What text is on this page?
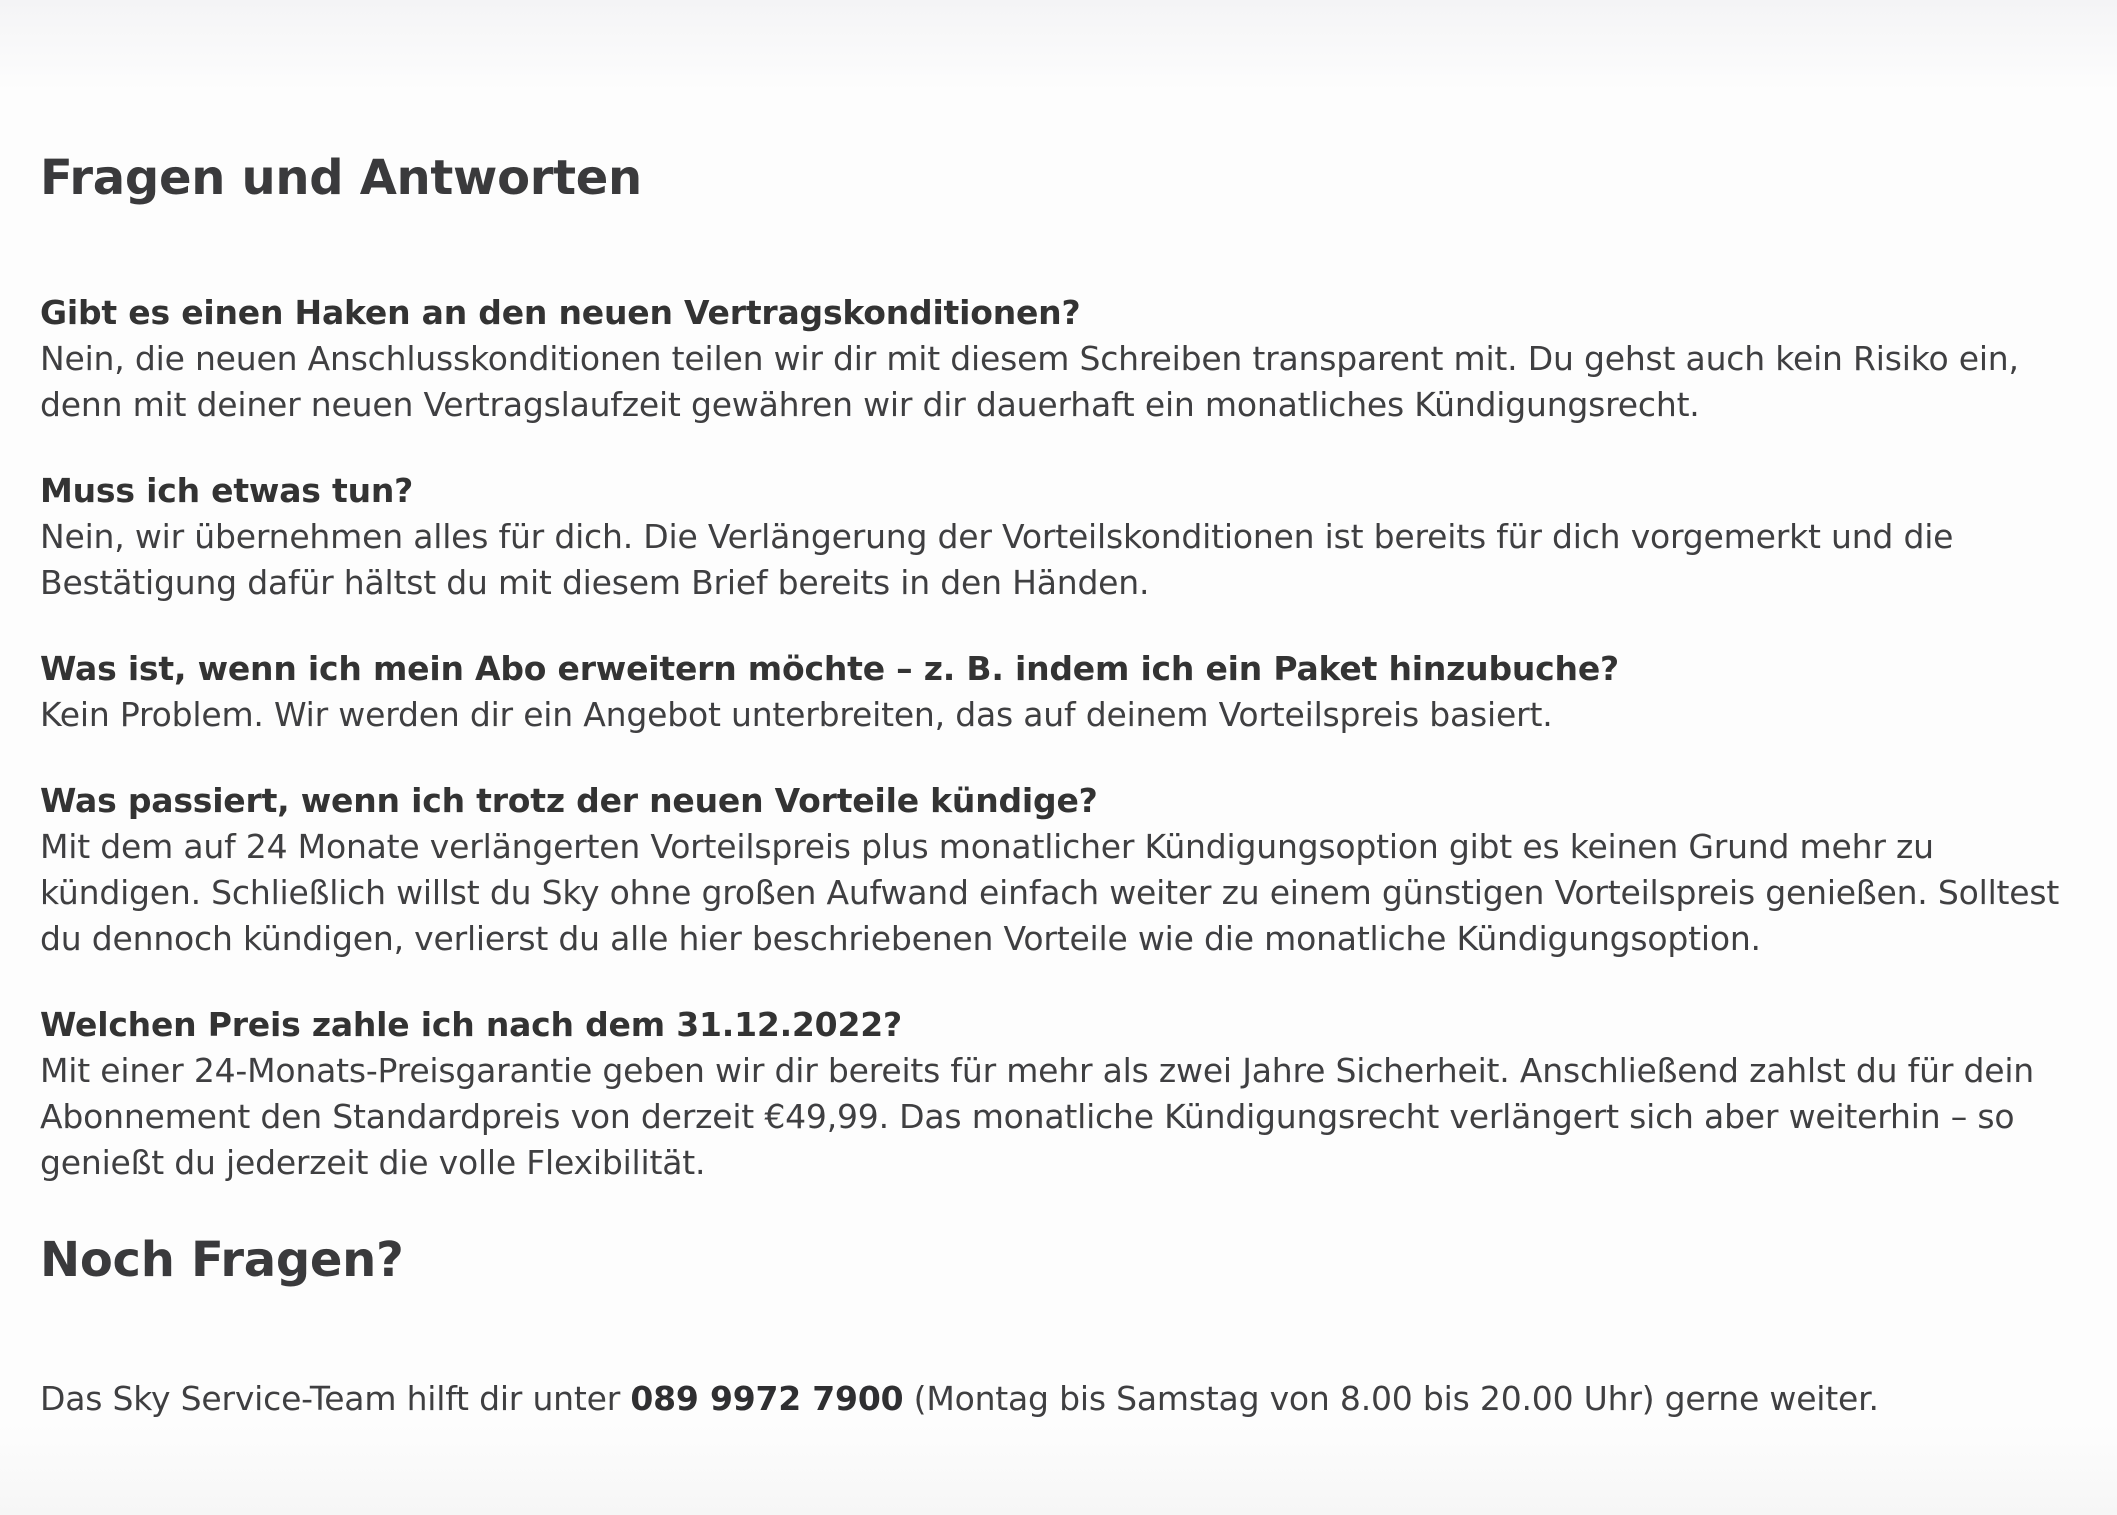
Fragen und Antworten

Gibt es einen Haken an den neuen Vertragskonditionen?

Nein, die neuen Anschlusskonditionen teilen wir dir mit diesem Schreiben transparent mit. Du gehst auch kein Risiko ein, denn mit deiner neuen Vertragslaufzeit gewähren wir dir dauerhaft ein monatliches Kündigungsrecht.

Muss ich etwas tun?

Nein, wir übernehmen alles für dich. Die Verlängerung der Vorteilskonditionen ist bereits für dich vorgemerkt und die Bestätigung dafür hältst du mit diesem Brief bereits in den Händen.

Was ist, wenn ich mein Abo erweitern möchte – z. B. indem ich ein Paket hinzubuche?

Kein Problem. Wir werden dir ein Angebot unterbreiten, das auf deinem Vorteilspreis basiert.

Was passiert, wenn ich trotz der neuen Vorteile kündige?

Mit dem auf 24 Monate verlängerten Vorteilspreis plus monatlicher Kündigungsoption gibt es keinen Grund mehr zu kündigen. Schließlich willst du Sky ohne großen Aufwand einfach weiter zu einem günstigen Vorteilspreis genießen. Solltest du dennoch kündigen, verlierst du alle hier beschriebenen Vorteile wie die monatliche Kündigungsoption.

Welchen Preis zahle ich nach dem 31.12.2022?

Mit einer 24-Monats-Preisgarantie geben wir dir bereits für mehr als zwei Jahre Sicherheit. Anschließend zahlst du für dein Abonnement den Standardpreis von derzeit €49,99. Das monatliche Kündigungsrecht verlängert sich aber weiterhin – so genießt du jederzeit die volle Flexibilität.

Noch Fragen?

Das Sky Service-Team hilft dir unter 089 9972 7900 (Montag bis Samstag von 8.00 bis 20.00 Uhr) gerne weiter.
